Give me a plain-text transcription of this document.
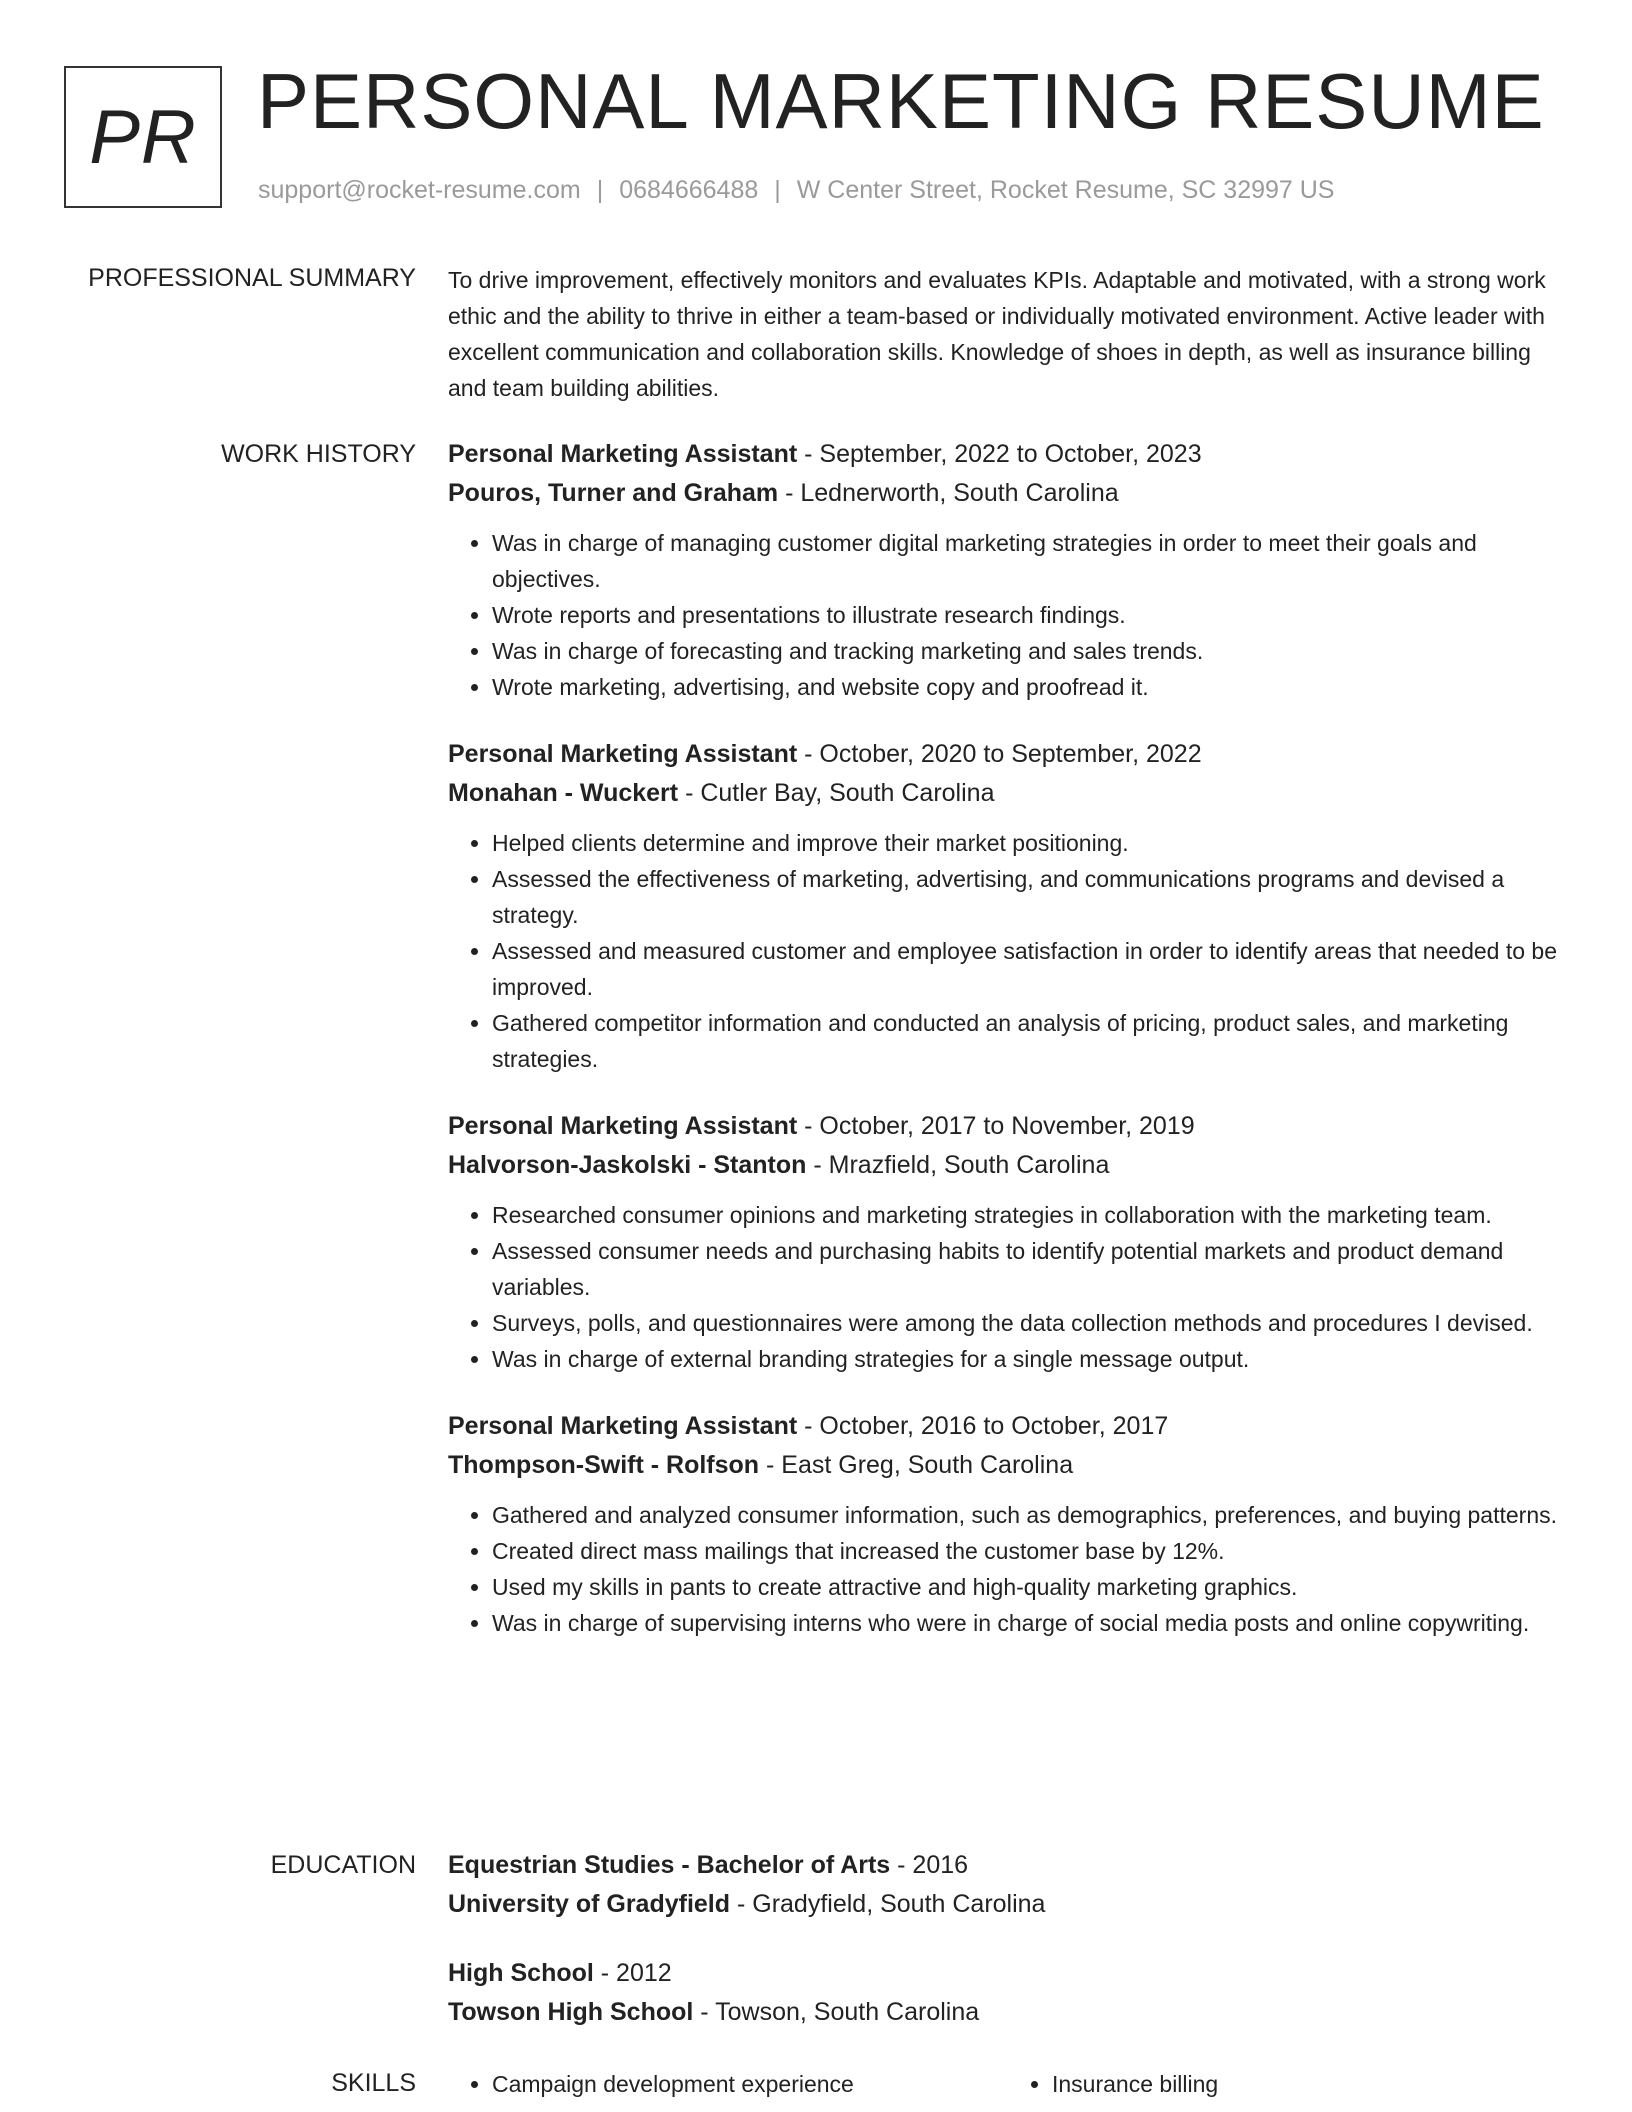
PR PERSONAL MARKETING RESUME
support@rocket-resume.com | 0684666488 | W Center Street, Rocket Resume, SC 32997 US
PROFESSIONAL SUMMARY To drive improvement, effectively monitors and evaluates KPIs. Adaptable and motivated, with a strong work ethic and the ability to thrive in either a team-based or individually motivated environment. Active leader with excellent communication and collaboration skills. Knowledge of shoes in depth, as well as insurance billing and team building abilities.

WORK HISTORY Personal Marketing Assistant - September, 2022 to October, 2023
Pouros, Turner and Graham - Lednerworth, South Carolina
• Was in charge of managing customer digital marketing strategies in order to meet their goals and objectives.
• Wrote reports and presentations to illustrate research findings.
• Was in charge of forecasting and tracking marketing and sales trends.
• Wrote marketing, advertising, and website copy and proofread it.
Personal Marketing Assistant - October, 2020 to September, 2022
Monahan - Wuckert - Cutler Bay, South Carolina
• Helped clients determine and improve their market positioning.
• Assessed the effectiveness of marketing, advertising, and communications programs and devised a strategy.
• Assessed and measured customer and employee satisfaction in order to identify areas that needed to be improved.
• Gathered competitor information and conducted an analysis of pricing, product sales, and marketing strategies.
Personal Marketing Assistant - October, 2017 to November, 2019
Halvorson-Jaskolski - Stanton - Mrazfield, South Carolina
• Researched consumer opinions and marketing strategies in collaboration with the marketing team.
• Assessed consumer needs and purchasing habits to identify potential markets and product demand variables.
• Surveys, polls, and questionnaires were among the data collection methods and procedures I devised.
• Was in charge of external branding strategies for a single message output.
Personal Marketing Assistant - October, 2016 to October, 2017
Thompson-Swift - Rolfson - East Greg, South Carolina
• Gathered and analyzed consumer information, such as demographics, preferences, and buying patterns.
• Created direct mass mailings that increased the customer base by 12%.
• Used my skills in pants to create attractive and high-quality marketing graphics.
• Was in charge of supervising interns who were in charge of social media posts and online copywriting.
EDUCATION Equestrian Studies - Bachelor of Arts - 2016
University of Gradyfield - Gradyfield, South Carolina
High School - 2012
Towson High School - Towson, South Carolina
SKILLS	• Campaign development experience	• Insurance billing
